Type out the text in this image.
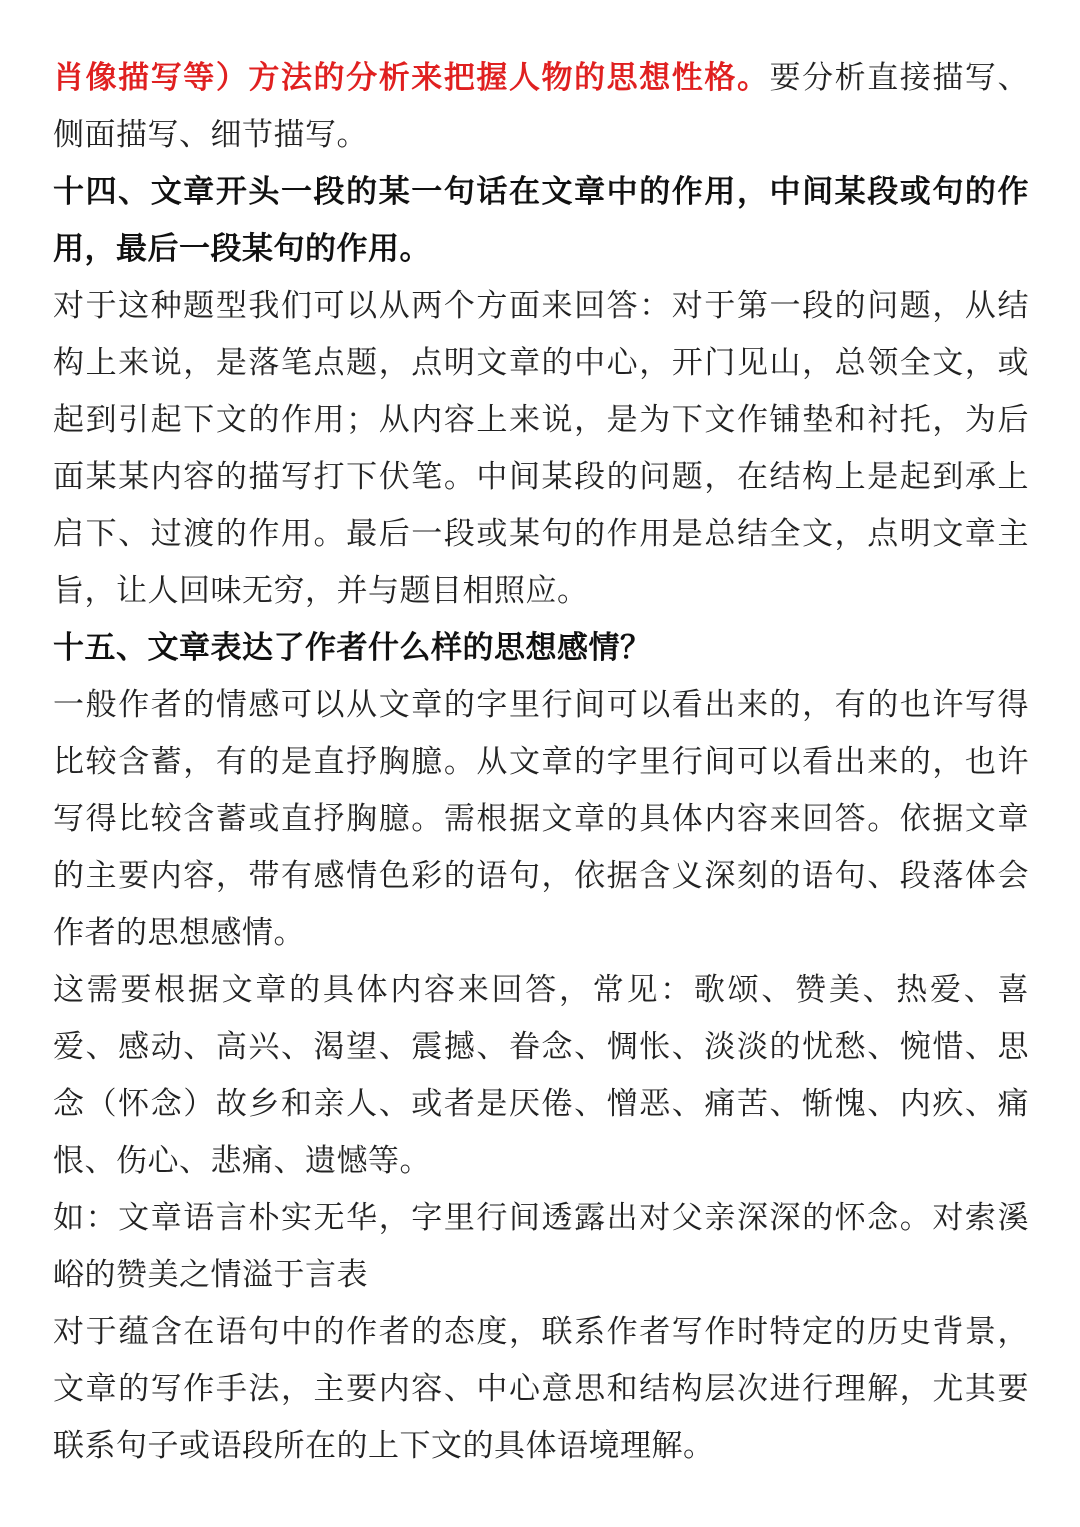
肖像描写等）方法的分析来把握人物的思想性格。要分析直接描写、侧面描写、细节描写。

十四、文章开头一段的某一句话在文章中的作用，中间某段或句的作用，最后一段某句的作用。

对于这种题型我们可以从两个方面来回答：对于第一段的问题，从结构上来说，是落笔点题，点明文章的中心，开门见山，总领全文，或起到引起下文的作用；从内容上来说，是为下文作铺垫和衬托，为后面某某内容的描写打下伏笔。中间某段的问题，在结构上是起到承上启下、过渡的作用。最后一段或某句的作用是总结全文，点明文章主旨，让人回味无穷，并与题目相照应。

十五、文章表达了作者什么样的思想感情？

一般作者的情感可以从文章的字里行间可以看出来的，有的也许写得比较含蓄，有的是直抒胸臆。从文章的字里行间可以看出来的，也许写得比较含蓄或直抒胸臆。需根据文章的具体内容来回答。依据文章的主要内容，带有感情色彩的语句，依据含义深刻的语句、段落体会作者的思想感情。

这需要根据文章的具体内容来回答，常见：歌颂、赞美、热爱、喜爱、感动、高兴、渴望、震撼、眷念、惆怅、淡淡的忧愁、惋惜、思念（怀念）故乡和亲人、或者是厌倦、憎恶、痛苦、惭愧、内疚、痛恨、伤心、悲痛、遗憾等。

如：文章语言朴实无华，字里行间透露出对父亲深深的怀念。对索溪峪的赞美之情溢于言表

对于蕴含在语句中的作者的态度，联系作者写作时特定的历史背景，文章的写作手法，主要内容、中心意思和结构层次进行理解，尤其要联系句子或语段所在的上下文的具体语境理解。
